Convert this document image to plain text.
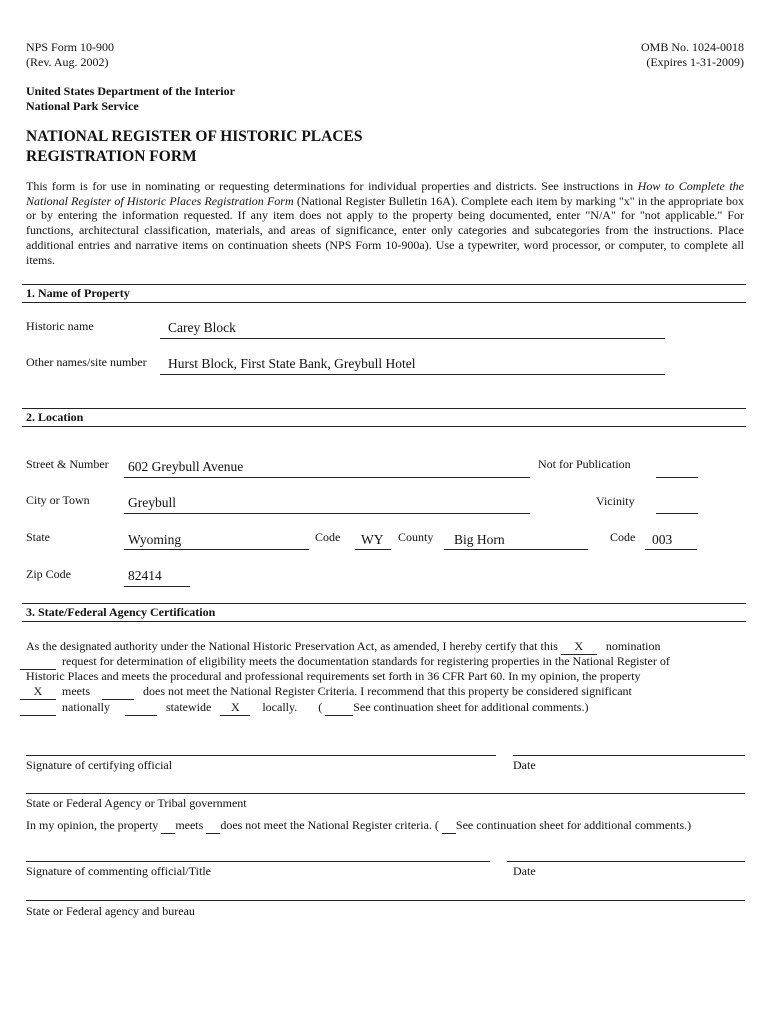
NPS Form 10-900
(Rev. Aug. 2002)
OMB No. 1024-0018
(Expires 1-31-2009)
United States Department of the Interior
National Park Service
NATIONAL REGISTER OF HISTORIC PLACES
REGISTRATION FORM
This form is for use in nominating or requesting determinations for individual properties and districts. See instructions in How to Complete the National Register of Historic Places Registration Form (National Register Bulletin 16A). Complete each item by marking "x" in the appropriate box or by entering the information requested. If any item does not apply to the property being documented, enter "N/A" for "not applicable." For functions, architectural classification, materials, and areas of significance, enter only categories and subcategories from the instructions. Place additional entries and narrative items on continuation sheets (NPS Form 10-900a). Use a typewriter, word processor, or computer, to complete all items.
1. Name of Property
Historic name	Carey Block
Other names/site number Hurst Block, First State Bank, Greybull Hotel
2. Location
Street & Number 602 Greybull Avenue	Not for Publication
City or Town	Greybull	Vicinity
State	Wyoming	Code WY County Big Horn	Code 003
Zip Code	82414
3. State/Federal Agency Certification
As the designated authority under the National Historic Preservation Act, as amended, I hereby certify that this X nomination
request for determination of eligibility meets the documentation standards for registering properties in the National Register of
Historic Places and meets the procedural and professional requirements set forth in 36 CFR Part 60. In my opinion, the property
X meets	does not meet the National Register Criteria. I recommend that this property be considered significant
nationally	statewide X locally. (	See continuation sheet for additional comments.)
Signature of certifying official	Date
State or Federal Agency or Tribal government
In my opinion, the property meets does not meet the National Register criteria. ( See continuation sheet for additional comments.)
Signature of commenting official/Title	Date
State or Federal agency and bureau
